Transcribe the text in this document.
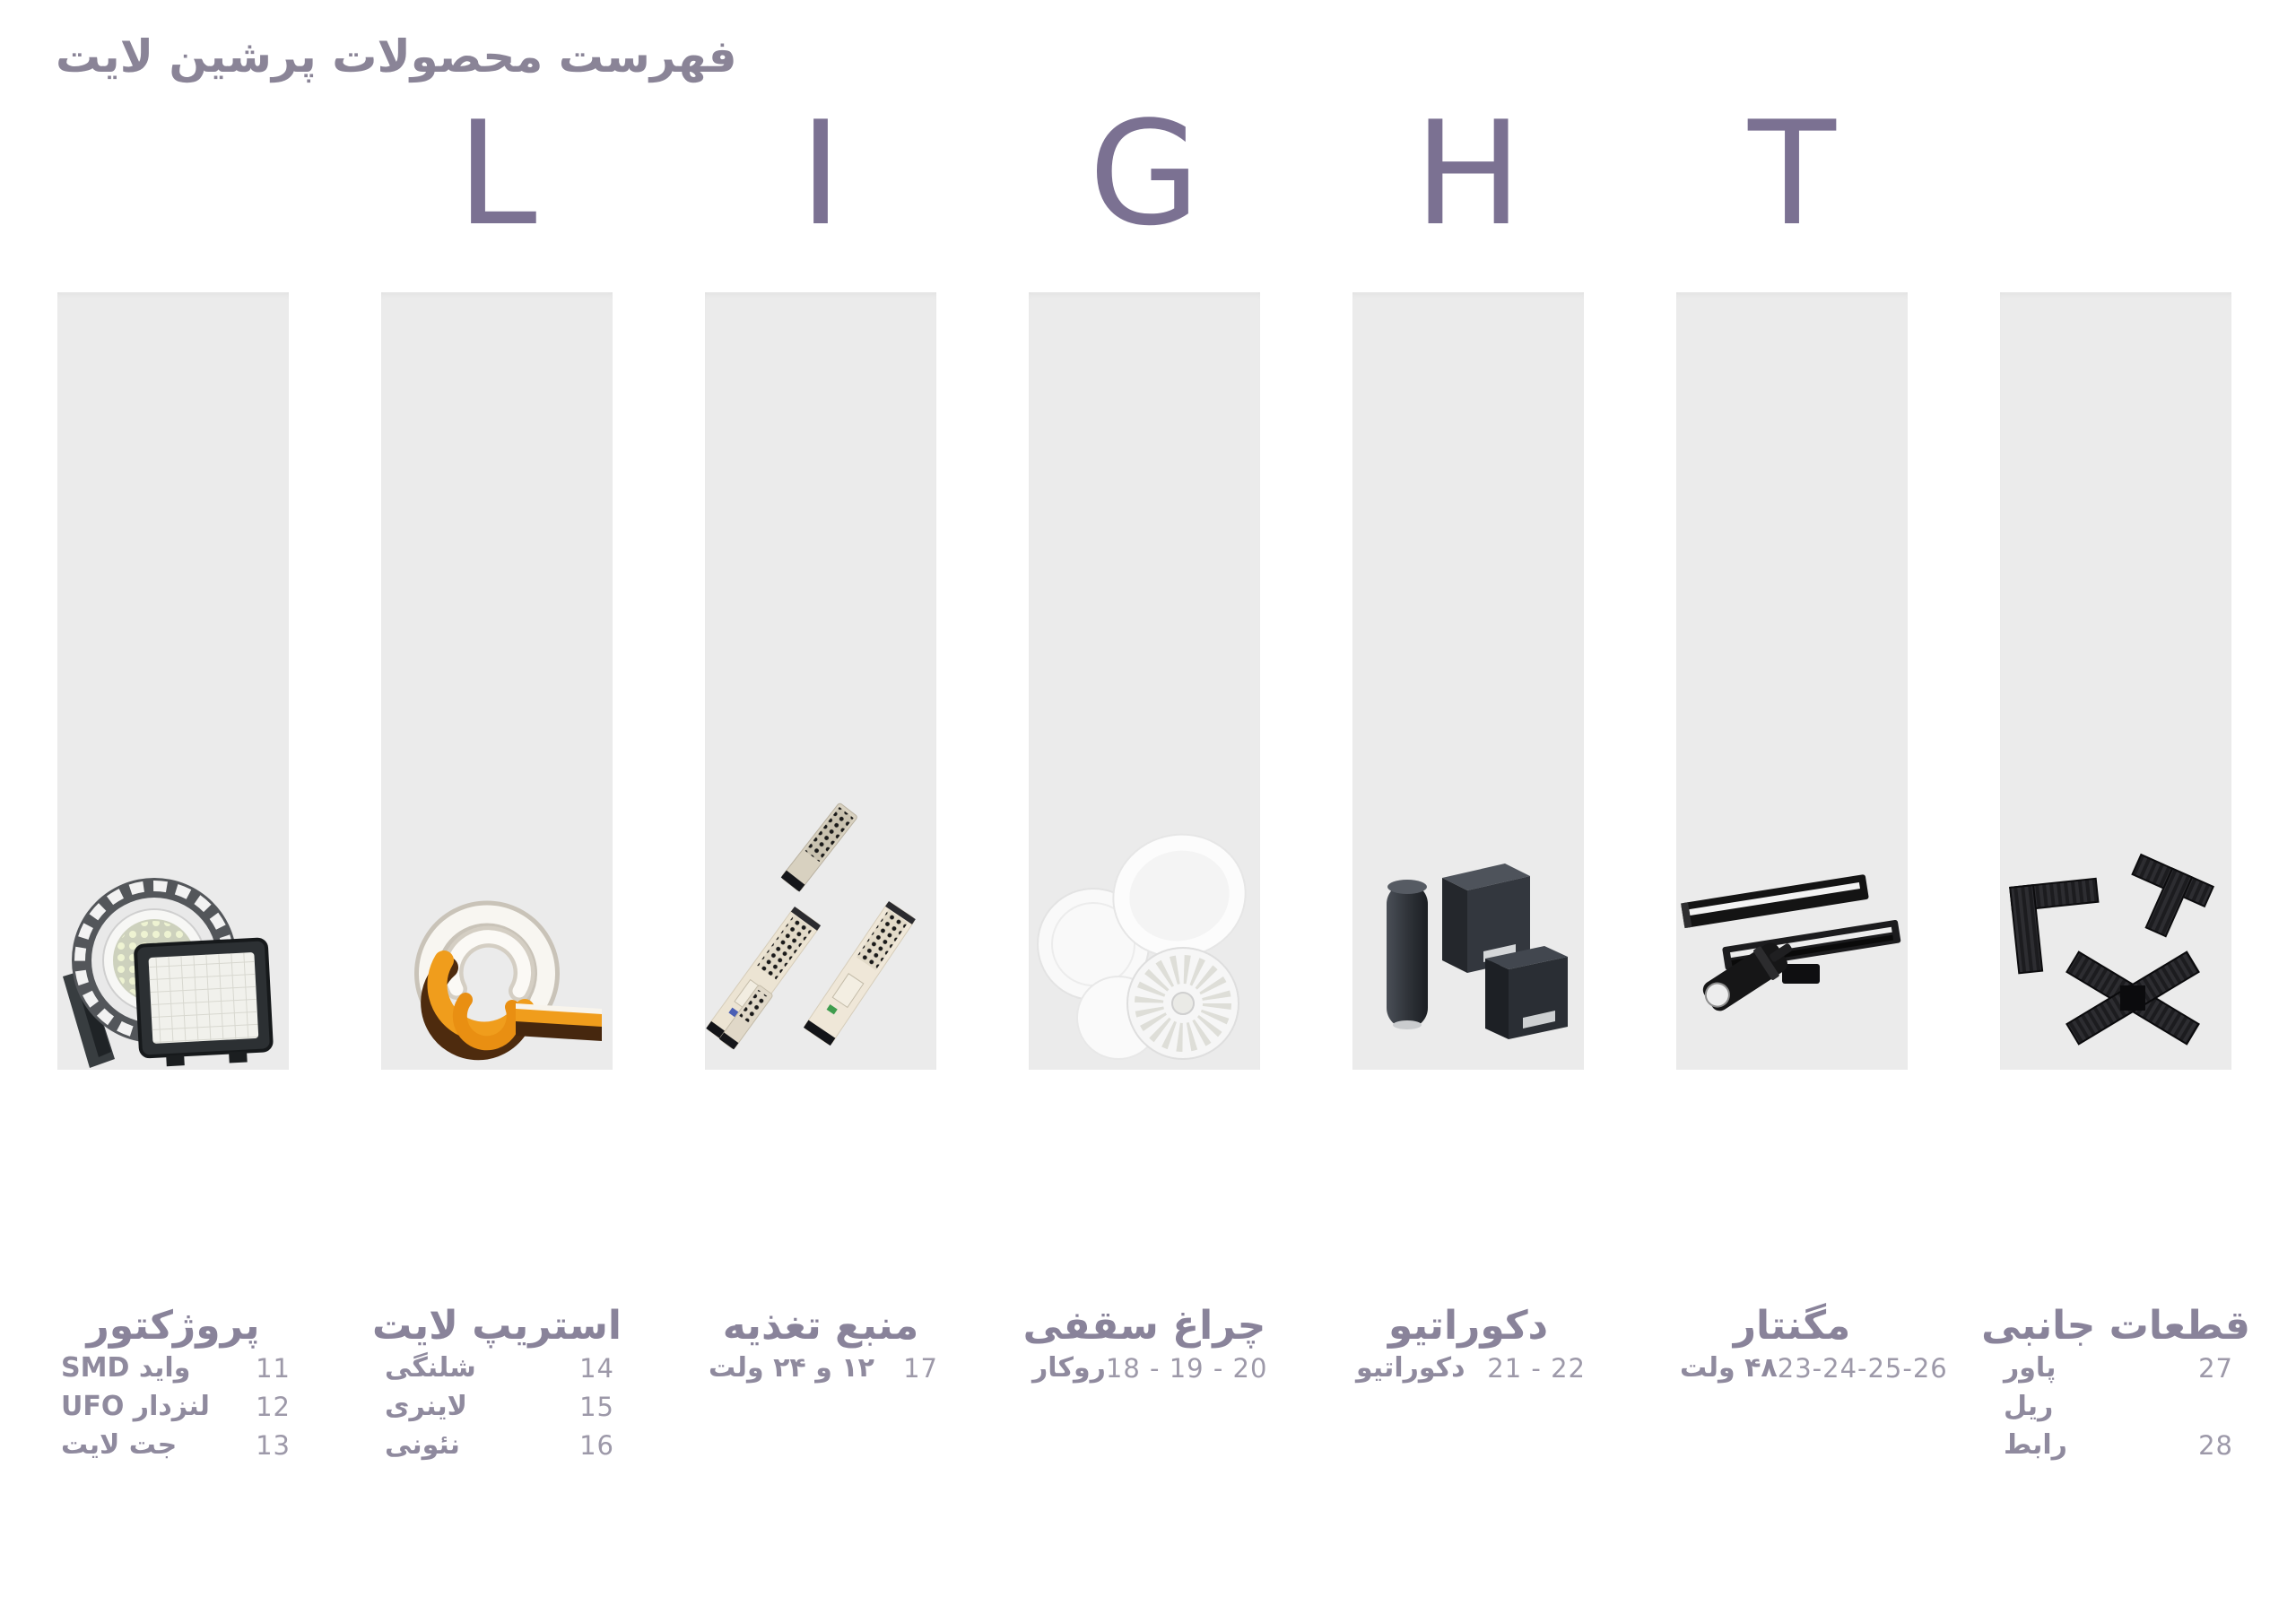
فهرست محصولات پرشین لایت
L I G H T
پروژکتور
واید SMD	11
لنزدار UFO 12
جت لایت	13
استریپ لایت
شلنگی	14
لاینری	15
نئونی	16
منبع تغذیه
۱۲ و ۲۴ ولت 17
چراغ سقفی
روکار 18 - 19 - 20
دکوراتیو
دکوراتیو 21 - 22
مگنتار
۴۸ ولت 23-24-25-26
قطعات جانبی
پاور	27
ریل
رابط	28
